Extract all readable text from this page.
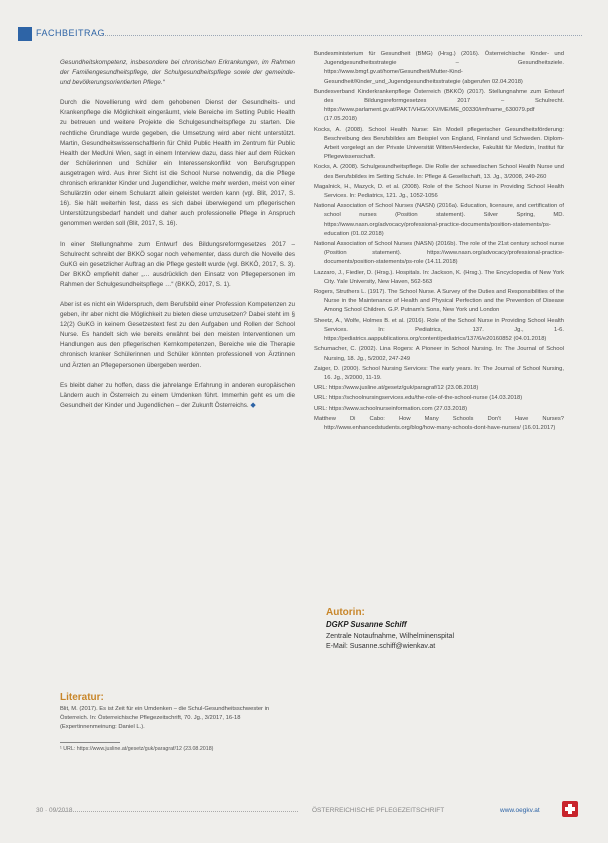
FACHBEITRAG

Gesundheitskompetenz, insbesondere bei chronischen Erkrankungen, im Rahmen der Familiengesundheitspflege, der Schulgesundheitspflege sowie der gemeinde- und bevölkerungsorientierten Pflege.“

Durch die Novellierung wird dem gehobenen Dienst der Gesundheits- und Krankenpflege die Möglichkeit eingeräumt, viele Bereiche im Setting Public Health zu betreuen und weitere Projekte die Schulgesundheitspflege zu starten. Die rechtliche Grundlage wurde gegeben, die Umsetzung wird aber nicht unterstützt. Martin, Gesundheitswissenschaftlerin für Child Public Health im Zentrum für Public Health der MedUni Wien, sagt in einem Interview dazu, dass hier auf dem Rücken der Schülerinnen und Schüler ein Interessenskonflikt von Berufsgruppen ausgetragen wird. Aus ihrer Sicht ist die School Nurse notwendig, da die Pflege chronisch erkrankter Kinder und Jugendlicher, welche mehr werden, meist von einer Schulärztin oder einem Schularzt allein geleistet werden kann (vgl. Blit, 2017, S. 16). Sie hält weiterhin fest, dass es sich dabei überwiegend um pflegerischen Unterstützungsbedarf handelt und daher auch professionelle Pflege in Anspruch genommen werden soll (Blit, 2017, S. 16).

In einer Stellungnahme zum Entwurf des Bildungsreformgesetzes 2017 – Schulrecht schreibt der BKKÖ sogar noch vehementer, dass durch die Novelle des GuKG ein gesetzlicher Auftrag an die Pflege gestellt wurde (vgl. BKKÖ, 2017, S. 3). Der BKKÖ empfiehlt daher „… ausdrücklich den Einsatz von Pflegepersonen im Rahmen der Schulgesundheitspflege …“ (BKKÖ, 2017, S. 1).

Aber ist es nicht ein Widerspruch, dem Berufsbild einer Profession Kompetenzen zu geben, ihr aber nicht die Möglichkeit zu bieten diese umzusetzen? Dabei steht im § 12(2) GuKG in keinem Gesetzestext fest zu den Aufgaben und Rollen der School Nurse. Es handelt sich wie bereits erwähnt bei den meisten Interventionen um Handlungen aus den pflegerischen Kernkompetenzen, Bereiche wie die Therapie chronisch kranker Schülerinnen und Schüler könnten professionell von Ärztinnen und Ärzten an Pflegepersonen übergeben werden.

Es bleibt daher zu hoffen, dass die jahrelange Erfahrung in anderen europäischen Ländern auch in Österreich zu einem Umdenken führt. Immerhin geht es um die Gesundheit der Kinder und Jugendlichen – der Zukunft Österreichs. ◆

Literatur:
Blit, M. (2017). Es ist Zeit für ein Umdenken – die Schul-Gesundheitsschwester in Österreich. In: Österreichische Pflegezeitschrift, 70. Jg., 3/2017, 16-18 (Expertinnenmeinung: Daniel L.).
¹ URL: https://www.jusline.at/gesetz/guk/paragraf/12 (23.08.2018)
Bundesministerium für Gesundheit (BMG) (Hrsg.) (2016). Österreichische Kinder- und Jugendgesundheitsstrategie – Gesundheitsziele. https://www.bmgf.gv.at/home/Gesundheit/Mutter-Kind-Gesundheit/Kinder_und_Jugendgesundheitsstrategie (abgerufen 02.04.2018)
Bundesverband Kinderkrankenpflege Österreich (BKKÖ) (2017). Stellungnahme zum Entwurf des Bildungsreformgesetzes 2017 – Schulrecht. https://www.parlament.gv.at/PAKT/VHG/XXV/ME/ME_00330/imfname_630079.pdf (17.05.2018)
Kocks, A. (2008). School Health Nurse: Ein Modell pflegerischer Gesundheitsförderung: Beschreibung des Berufsbildes am Beispiel von England, Finnland und Schweden. Diplom-Arbeit vorgelegt an der Private Universität Witten/Herdecke, Fakultät für Medizin, Institut für Pflegewissenschaft.
Kocks, A. (2008). Schulgesundheitspflege. Die Rolle der schwedischen School Health Nurse und des Berufsbildes im Setting Schule. In: Pflege & Gesellschaft, 13. Jg., 3/2008, 249-260
Magalnick, H., Mazyck, D. et al. (2008). Role of the School Nurse in Providing School Health Services. In: Pediatrics, 121. Jg., 1052-1056
National Association of School Nurses (NASN) (2016a). Education, licensure, and certification of school nurses (Position statement). Silver Spring, MD. https://www.nasn.org/advocacy/professional-practice-documents/position-statements/ps-education (01.02.2018)
National Association of School Nurses (NASN) (2016b). The role of the 21st century school nurse (Position statement). https://www.nasn.org/advocacy/professional-practice-documents/position-statements/ps-role (14.11.2018)
Lazzaro, J., Fiedler, D. (Hrsg.). Hospitals. In: Jackson, K. (Hrsg.). The Encyclopedia of New York City. Yale University, New Haven, 562-563
Rogers, Struthers L. (1917). The School Nurse. A Survey of the Duties and Responsibilities of the Nurse in the Maintenance of Health and Physical Perfection and the Prevention of Disease Among School Children. G.P. Putnam's Sons, New York und London
Sheetz, A., Wolfe, Holmes B. et al. (2016). Role of the School Nurse in Providing School Health Services. In: Pediatrics, 137. Jg., 1-6. https://pediatrics.aappublications.org/content/pediatrics/137/6/e20160852 (04.01.2018)
Schumacher, C. (2002). Lina Rogers: A Pioneer in School Nursing. In: The Journal of School Nursing, 18. Jg., 5/2002, 247-249
Zaiger, D. (2000). School Nursing Services: The early years. In: The Journal of School Nursing, 16. Jg., 3/2000, 11-19.
URL: https://www.jusline.at/gesetz/guk/paragraf/12 (23.08.2018)
URL: https://schoolnursingservices.edu/the-role-of-the-school-nurse (14.03.2018)
URL: https://www.schoolnurseinformation.com (27.03.2018)
Matthew Di Cabo: How Many Schools Don't Have Nurses? http://www.enhancedstudents.org/blog/how-many-schools-dont-have-nurses/ (16.01.2017)
Autorin:
DGKP Susanne Schiff
Zentrale Notaufnahme, Wilhelminenspital
E-Mail: Susanne.schiff@wienkav.at
30 · 09/2018	ÖSTERREICHISCHE PFLEGEZEITSCHRIFT	www.oegkv.at
